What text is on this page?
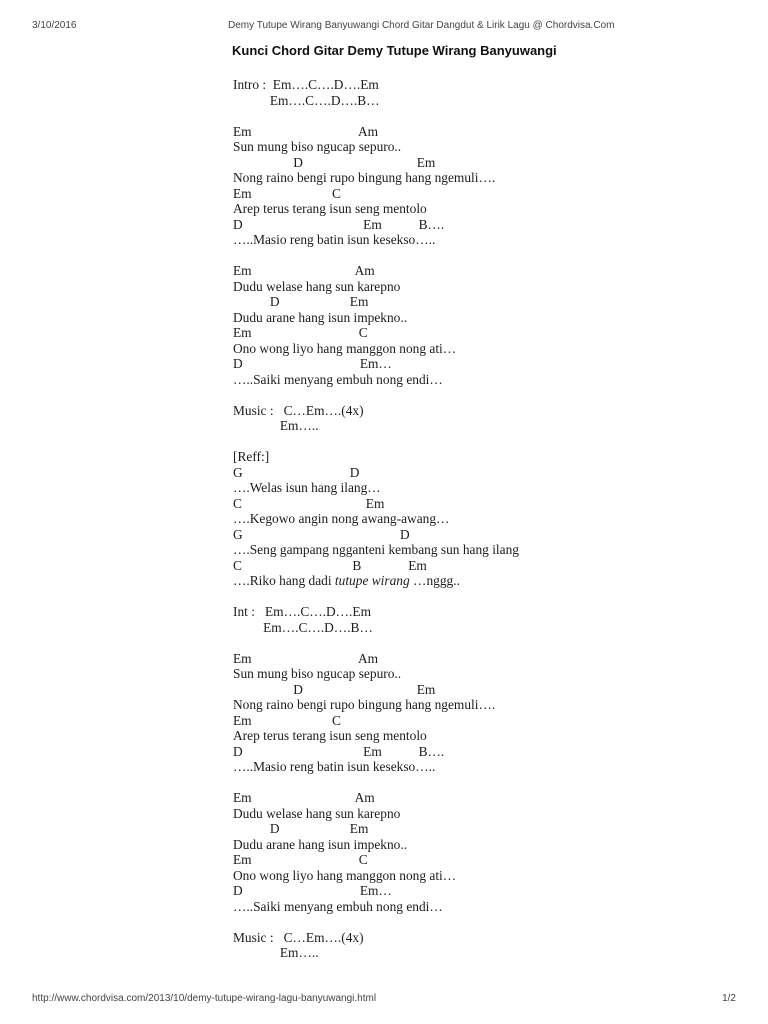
3/10/2016	Demy Tutupe Wirang Banyuwangi Chord Gitar Dangdut & Lirik Lagu @ Chordvisa.Com
Kunci Chord Gitar Demy Tutupe Wirang Banyuwangi
Intro :  Em….C….D….Em
Em….C….D….B…
Em                                Am
Sun mung biso ngucap sepuro..
D                                  Em
Nong raino bengi rupo bingung hang ngemuli….
Em                        C
Arep terus terang isun seng mentolo
D                                    Em           B….
…..Masio reng batin isun kesekso…..
Em                               Am
Dudu welase hang sun karepno
D                     Em
Dudu arane hang isun impekno..
Em                                C
Ono wong liyo hang manggon nong ati…
D                                   Em…
…..Saiki menyang embuh nong endi…
Music :   C…Em….(4x)
Em…..
[Reff:]
G                                D
….Welas isun hang ilang…
C                                     Em
….Kegowo angin nong awang-awang…
G                                               D
….Seng gampang ngganteni kembang sun hang ilang
C                                 B              Em
….Riko hang dadi tutupe wirang …nggg..
Int :   Em….C….D….Em
Em….C….D….B…
Em                                Am
Sun mung biso ngucap sepuro..
D                                  Em
Nong raino bengi rupo bingung hang ngemuli….
Em                        C
Arep terus terang isun seng mentolo
D                                    Em           B….
…..Masio reng batin isun kesekso…..
Em                               Am
Dudu welase hang sun karepno
D                     Em
Dudu arane hang isun impekno..
Em                                C
Ono wong liyo hang manggon nong ati…
D                                   Em…
…..Saiki menyang embuh nong endi…
Music :   C…Em….(4x)
Em…..
http://www.chordvisa.com/2013/10/demy-tutupe-wirang-lagu-banyuwangi.html	1/2
